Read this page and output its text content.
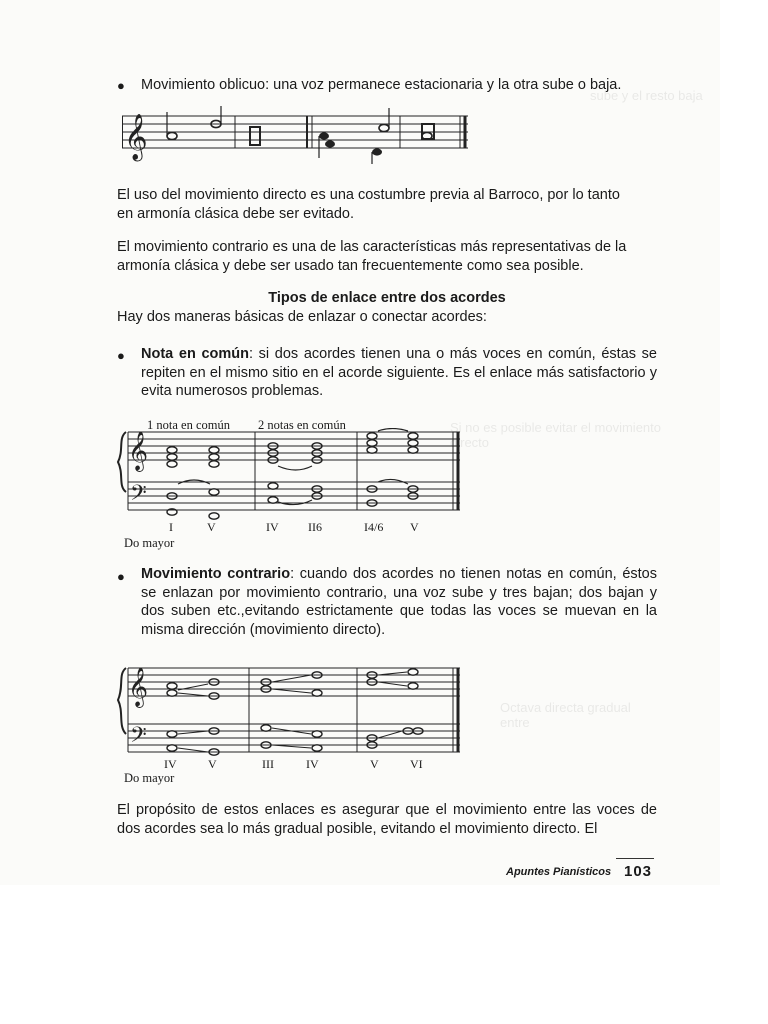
sube y el resto baja
Si no es posible evitar el movimiento directo
Octava directa gradual entre
● Movimiento oblicuo: una voz permanece estacionaria y la otra sube o baja.
𝄞
El uso del movimiento directo es una costumbre previa al Barroco, por lo tanto en armonía clásica debe ser evitado.
El movimiento contrario es una de las características más representativas de la armonía clásica y debe ser usado tan frecuentemente como sea posible.
Tipos de enlace entre dos acordes
Hay dos maneras básicas de enlazar o conectar acordes:
● Nota en común: si dos acordes tienen una o más voces en común, éstas se repiten en el mismo sitio en el acorde siguiente. Es el enlace más satisfactorio y evita numerosos problemas.
1 nota en común 2 notas en común
𝄞
𝄢
I	V	IV II6	I4/6 V
Do mayor
● Movimiento contrario: cuando dos acordes no tienen notas en común, éstos se enlazan por movimiento contrario, una voz sube y tres bajan; dos bajan y dos suben etc.,evitando estrictamente que todas las voces se muevan en la misma dirección (movimiento directo).
𝄞
𝄢
IV	V	III	IV	V	VI
Do mayor
El propósito de estos enlaces es asegurar que el movimiento entre las voces de dos acordes sea lo más gradual posible, evitando el movimiento directo. El
Apuntes Pianísticos 103
